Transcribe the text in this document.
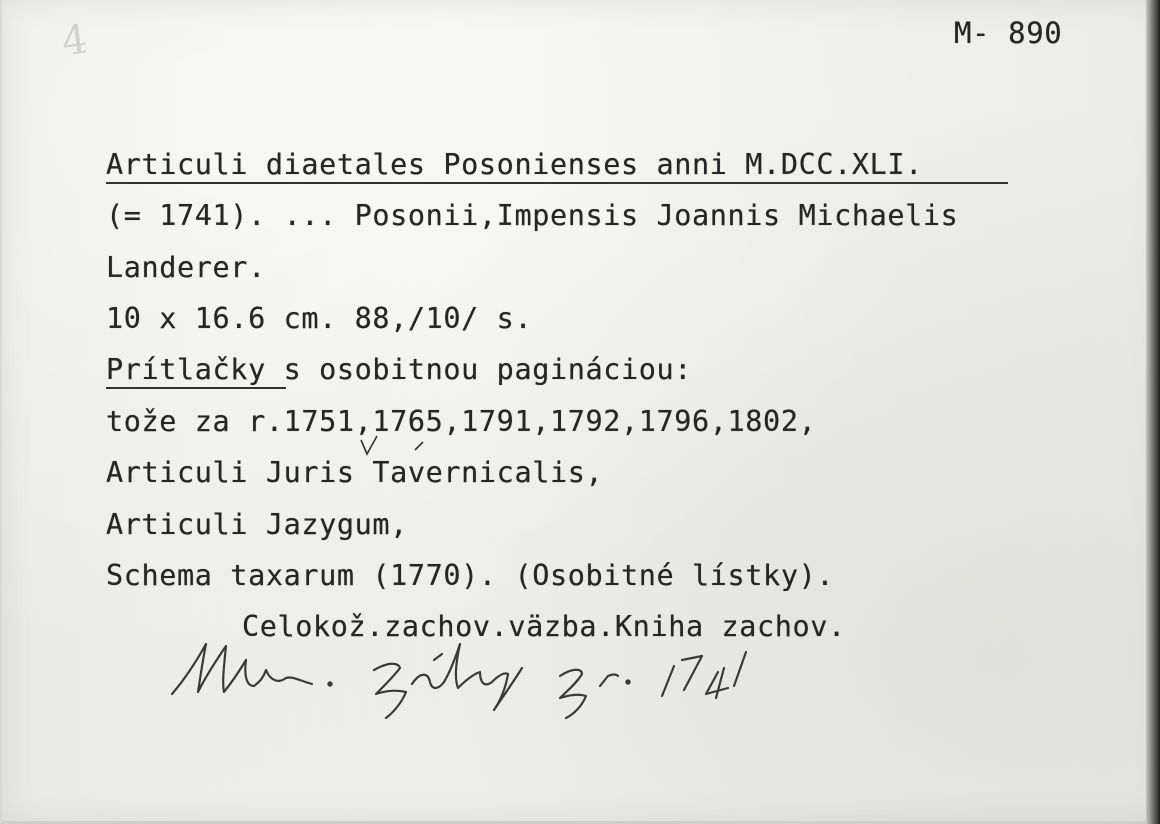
4	M- 890
Articuli diaetales Posonienses anni M.DCC.XLI.
(= 1741). ... Posonii,Impensis Joannis Michaelis
Landerer.
10 x 16.6 cm. 88,/10/ s.
Prítlačky s osobitnou pagináciou:
tože za r.1751,1765,1791,1792,1796,1802,
Articuli Juris Tavernicalis,
Articuli Jazygum,
Schema taxarum (1770). (Osobitné lístky).
Celokož.zachov.väzba.Kniha zachov.
